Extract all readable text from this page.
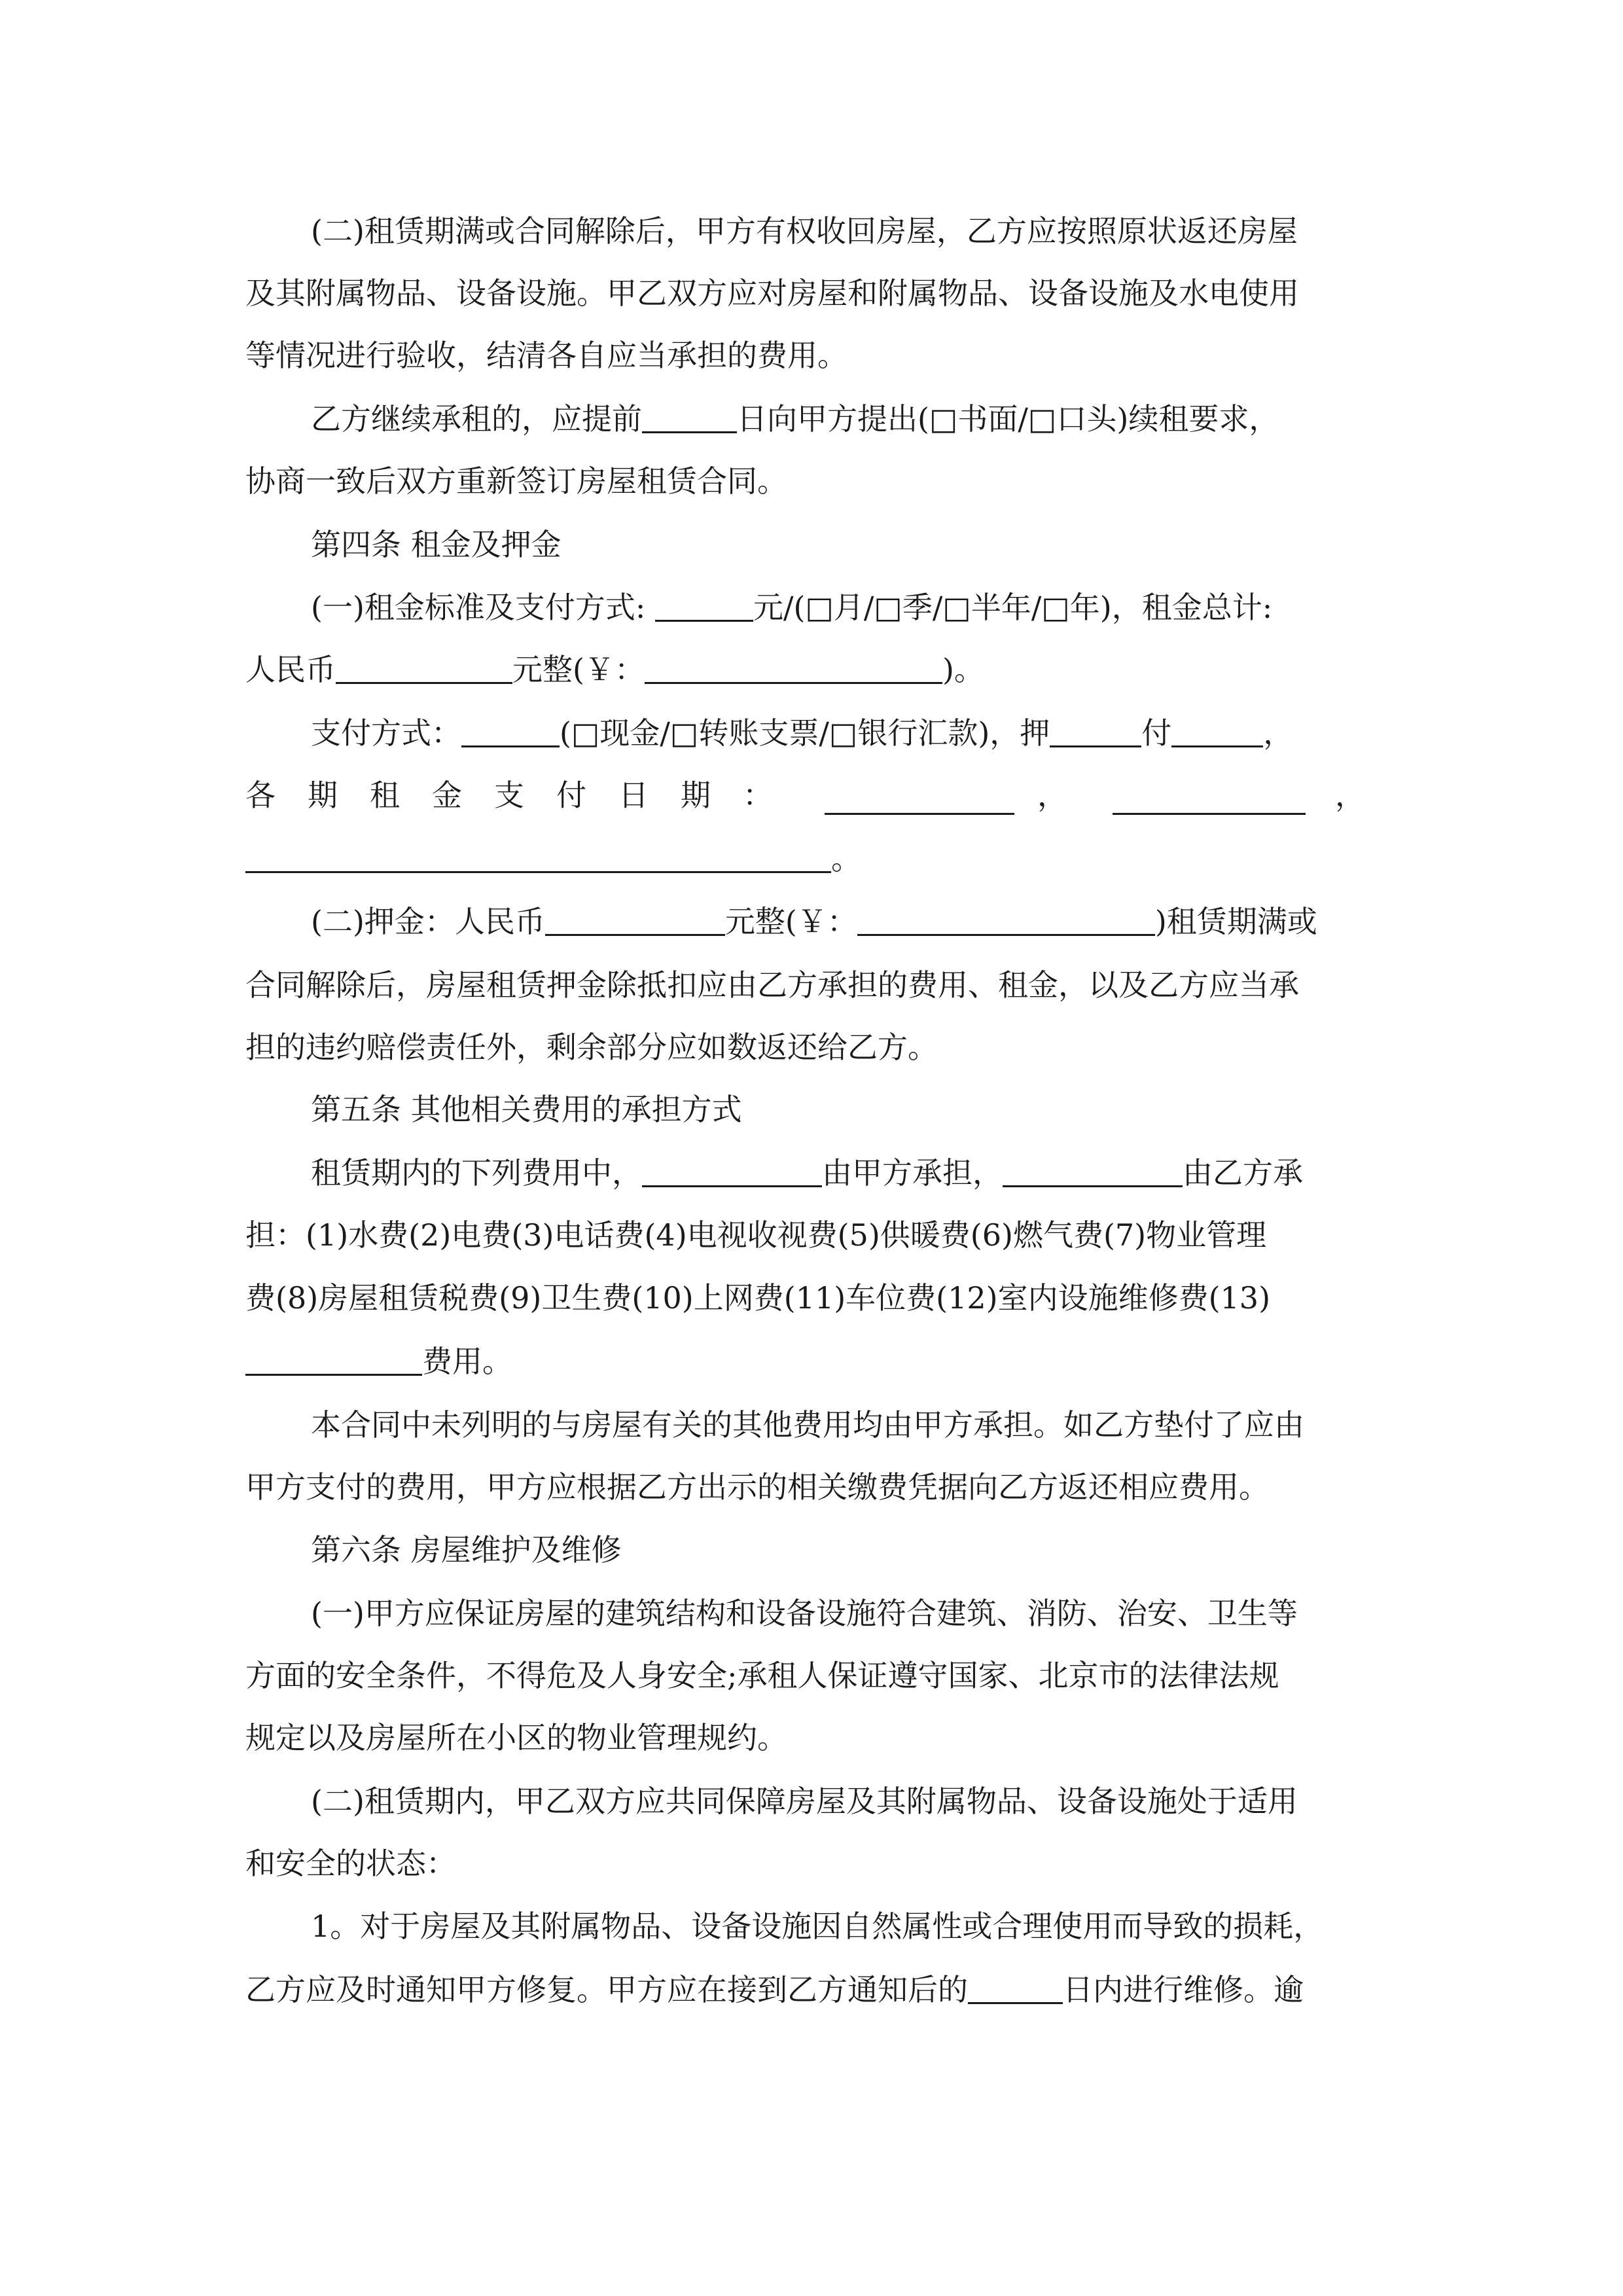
(二)租赁期满或合同解除后，甲方有权收回房屋，乙方应按照原状返还房屋
及其附属物品、设备设施。甲乙双方应对房屋和附属物品、设备设施及水电使用
等情况进行验收，结清各自应当承担的费用。
乙方继续承租的，应提前	日向甲方提出(□书面/□口头)续租要求，
协商一致后双方重新签订房屋租赁合同。
第四条 租金及押金
(一)租金标准及支付方式:	元/(□月/□季/□半年/□年)，租金总计:
人民币	元整(￥：	)。
支付方式：	(□现金/□转账支票/□银行汇款)，押	付	，
各 期 租 金 支 付 日 期 ：	，	，
。
(二)押金：人民币	元整(￥：	)租赁期满或
合同解除后，房屋租赁押金除抵扣应由乙方承担的费用、租金，以及乙方应当承
担的违约赔偿责任外，剩余部分应如数返还给乙方。
第五条 其他相关费用的承担方式
租赁期内的下列费用中，	由甲方承担，	由乙方承
担：(1)水费(2)电费(3)电话费(4)电视收视费(5)供暖费(6)燃气费(7)物业管理
费(8)房屋租赁税费(9)卫生费(10)上网费(11)车位费(12)室内设施维修费(13)
费用。
本合同中未列明的与房屋有关的其他费用均由甲方承担。如乙方垫付了应由
甲方支付的费用，甲方应根据乙方出示的相关缴费凭据向乙方返还相应费用。
第六条 房屋维护及维修
(一)甲方应保证房屋的建筑结构和设备设施符合建筑、消防、治安、卫生等
方面的安全条件，不得危及人身安全;承租人保证遵守国家、北京市的法律法规
规定以及房屋所在小区的物业管理规约。
(二)租赁期内，甲乙双方应共同保障房屋及其附属物品、设备设施处于适用
和安全的状态：
1。对于房屋及其附属物品、设备设施因自然属性或合理使用而导致的损耗，
乙方应及时通知甲方修复。甲方应在接到乙方通知后的	日内进行维修。逾
